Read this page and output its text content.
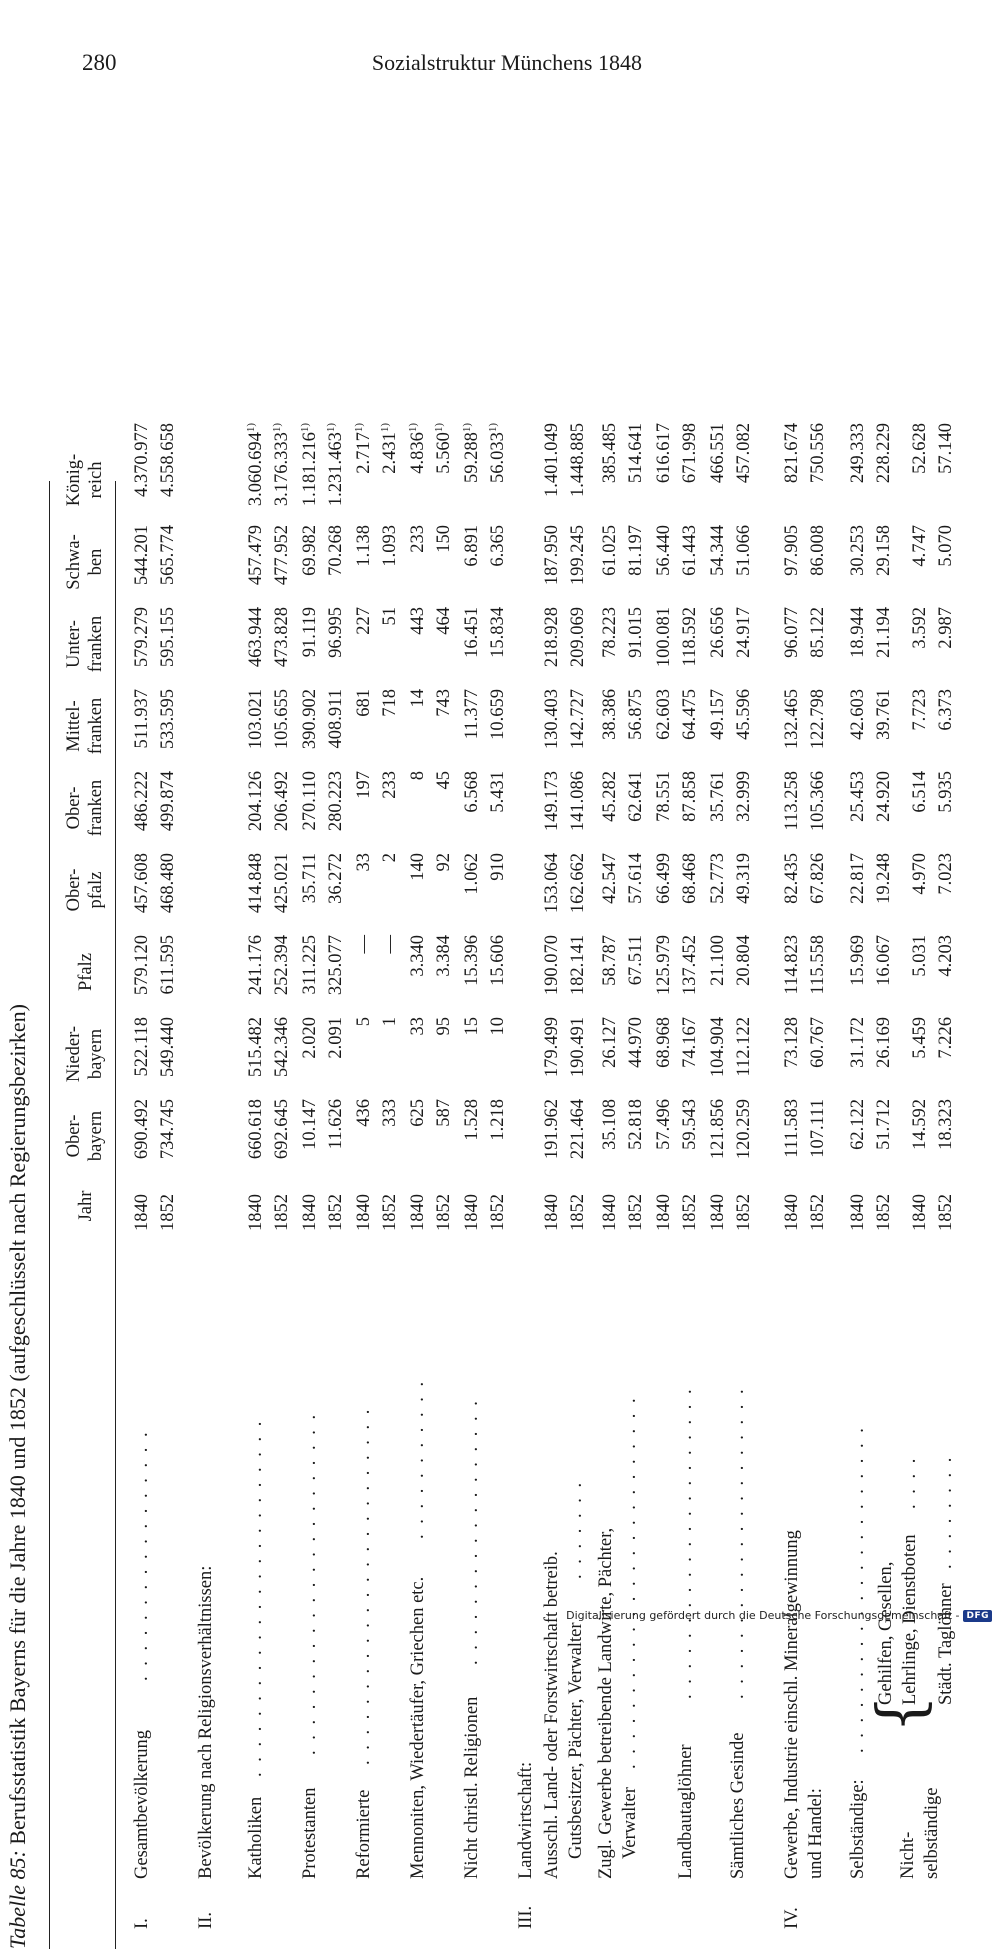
280	Sozialstruktur Münchens 1848
Tabelle 85: Berufsstatistik Bayerns für die Jahre 1840 und 1852 (aufgeschlüsselt nach Regierungsbezirken) Jahr
Ober-
bayern
Nieder-
bayern
Pfalz
Ober-
pfalz
Ober-
franken
Mittel-
franken
Unter-
franken
Schwa-
ben
König-
reich
I.
Gesamtbevölkerung
. . . . . . . . . . . . . . . . .
II.
Bevölkerung nach Religionsverhältnissen: Katholiken
. . . . . . . . . . . . . . . . . . . . . . . .
Protestanten
. . . . . . . . . . . . . . . . . . . . . . .
Reformierte
. . . . . . . . . . . . . . . . . . . . . . . . Mennoniten, Wiedertäufer, Griechen etc.
. . . . . . . . . . .
Nicht christl. Religionen
. . . . . . . . . . . . . . . . . .
III.
Landwirtschaft: Ausschl. Land- oder Forstwirtschaft betreib. Gutsbesitzer, Pächter, Verwalter
. . . . . . . Zugl. Gewerbe betreibende Landwirte, Pächter, Verwalter
. . . . . . . . . . . . . . . . . . . . . . . . .
Landbautaglöhner
. . . . . . . . . . . . . . . . . . . . .
Sämtliches Gesinde
. . . . . . . . . . . . . . . . . . . . .
IV.
Gewerbe, Industrie einschl. Mineralgewinnung und Handel: Selbständige:
. . . . . . . . . . . . . . . . . . . . . .
Nicht- selbständige
Gehilfen, Gesellen, Lehrlinge, Dienstboten
. . . .
Städt. Taglöhner
. . . . . . . .
{
1840
690.492
522.118
579.120
457.608
486.222
511.937
579.279
544.201
4.370.977
1852
734.745
549.440
611.595
468.480
499.874
533.595
595.155
565.774
4.558.658
1840
660.618
515.482
241.176
414.848
204.126
103.021
463.944
457.479
3.060.694$^{1)}$
1852
692.645
542.346
252.394
425.021
206.492
105.655
473.828
477.952
3.176.333$^{1)}$
1840
10.147
2.020
311.225
35.711
270.110
390.902
91.119
69.982
1.181.216$^{1)}$
1852
11.626
2.091
325.077
36.272
280.223
408.911
96.995
70.268
1.231.463$^{1)}$
1840
436
5
—
33
197
681
227
1.138
2.717$^{1)}$
1852
333
1
—
2
233
718
51
1.093
2.431$^{1)}$
1840
625
33
3.340
140
8
14
443
233
4.836$^{1)}$
1852
587
95
3.384
92
45
743
464
150
5.560$^{1)}$
1840
1.528
15
15.396
1.062
6.568
11.377
16.451
6.891
59.288$^{1)}$
1852
1.218
10
15.606
910
5.431
10.659
15.834
6.365
56.033$^{1)}$
1840
191.962
179.499
190.070
153.064
149.173
130.403
218.928
187.950
1.401.049
1852
221.464
190.491
182.141
162.662
141.086
142.727
209.069
199.245
1.448.885
1840
35.108
26.127
58.787
42.547
45.282
38.386
78.223
61.025
385.485
1852
52.818
44.970
67.511
57.614
62.641
56.875
91.015
81.197
514.641
1840
57.496
68.968
125.979
66.499
78.551
62.603
100.081
56.440
616.617
1852
59.543
74.167
137.452
68.468
87.858
64.475
118.592
61.443
671.998
1840
121.856
104.904
21.100
52.773
35.761
49.157
26.656
54.344
466.551
1852
120.259
112.122
20.804
49.319
32.999
45.596
24.917
51.066
457.082
1840
111.583
73.128
114.823
82.435
113.258
132.465
96.077
97.905
821.674
1852
107.111
60.767
115.558
67.826
105.366
122.798
85.122
86.008
750.556
1840
62.122
31.172
15.969
22.817
25.453
42.603
18.944
30.253
249.333
1852
51.712
26.169
16.067
19.248
24.920
39.761
21.194
29.158
228.229
1840
14.592
5.459
5.031
4.970
6.514
7.723
3.592
4.747
52.628
1852
18.323
7.226
4.203
7.023
5.935
6.373
2.987
5.070
57.140
Digitalisierung gefördert durch die Deutsche Forschungsgemeinschaft - DFG
